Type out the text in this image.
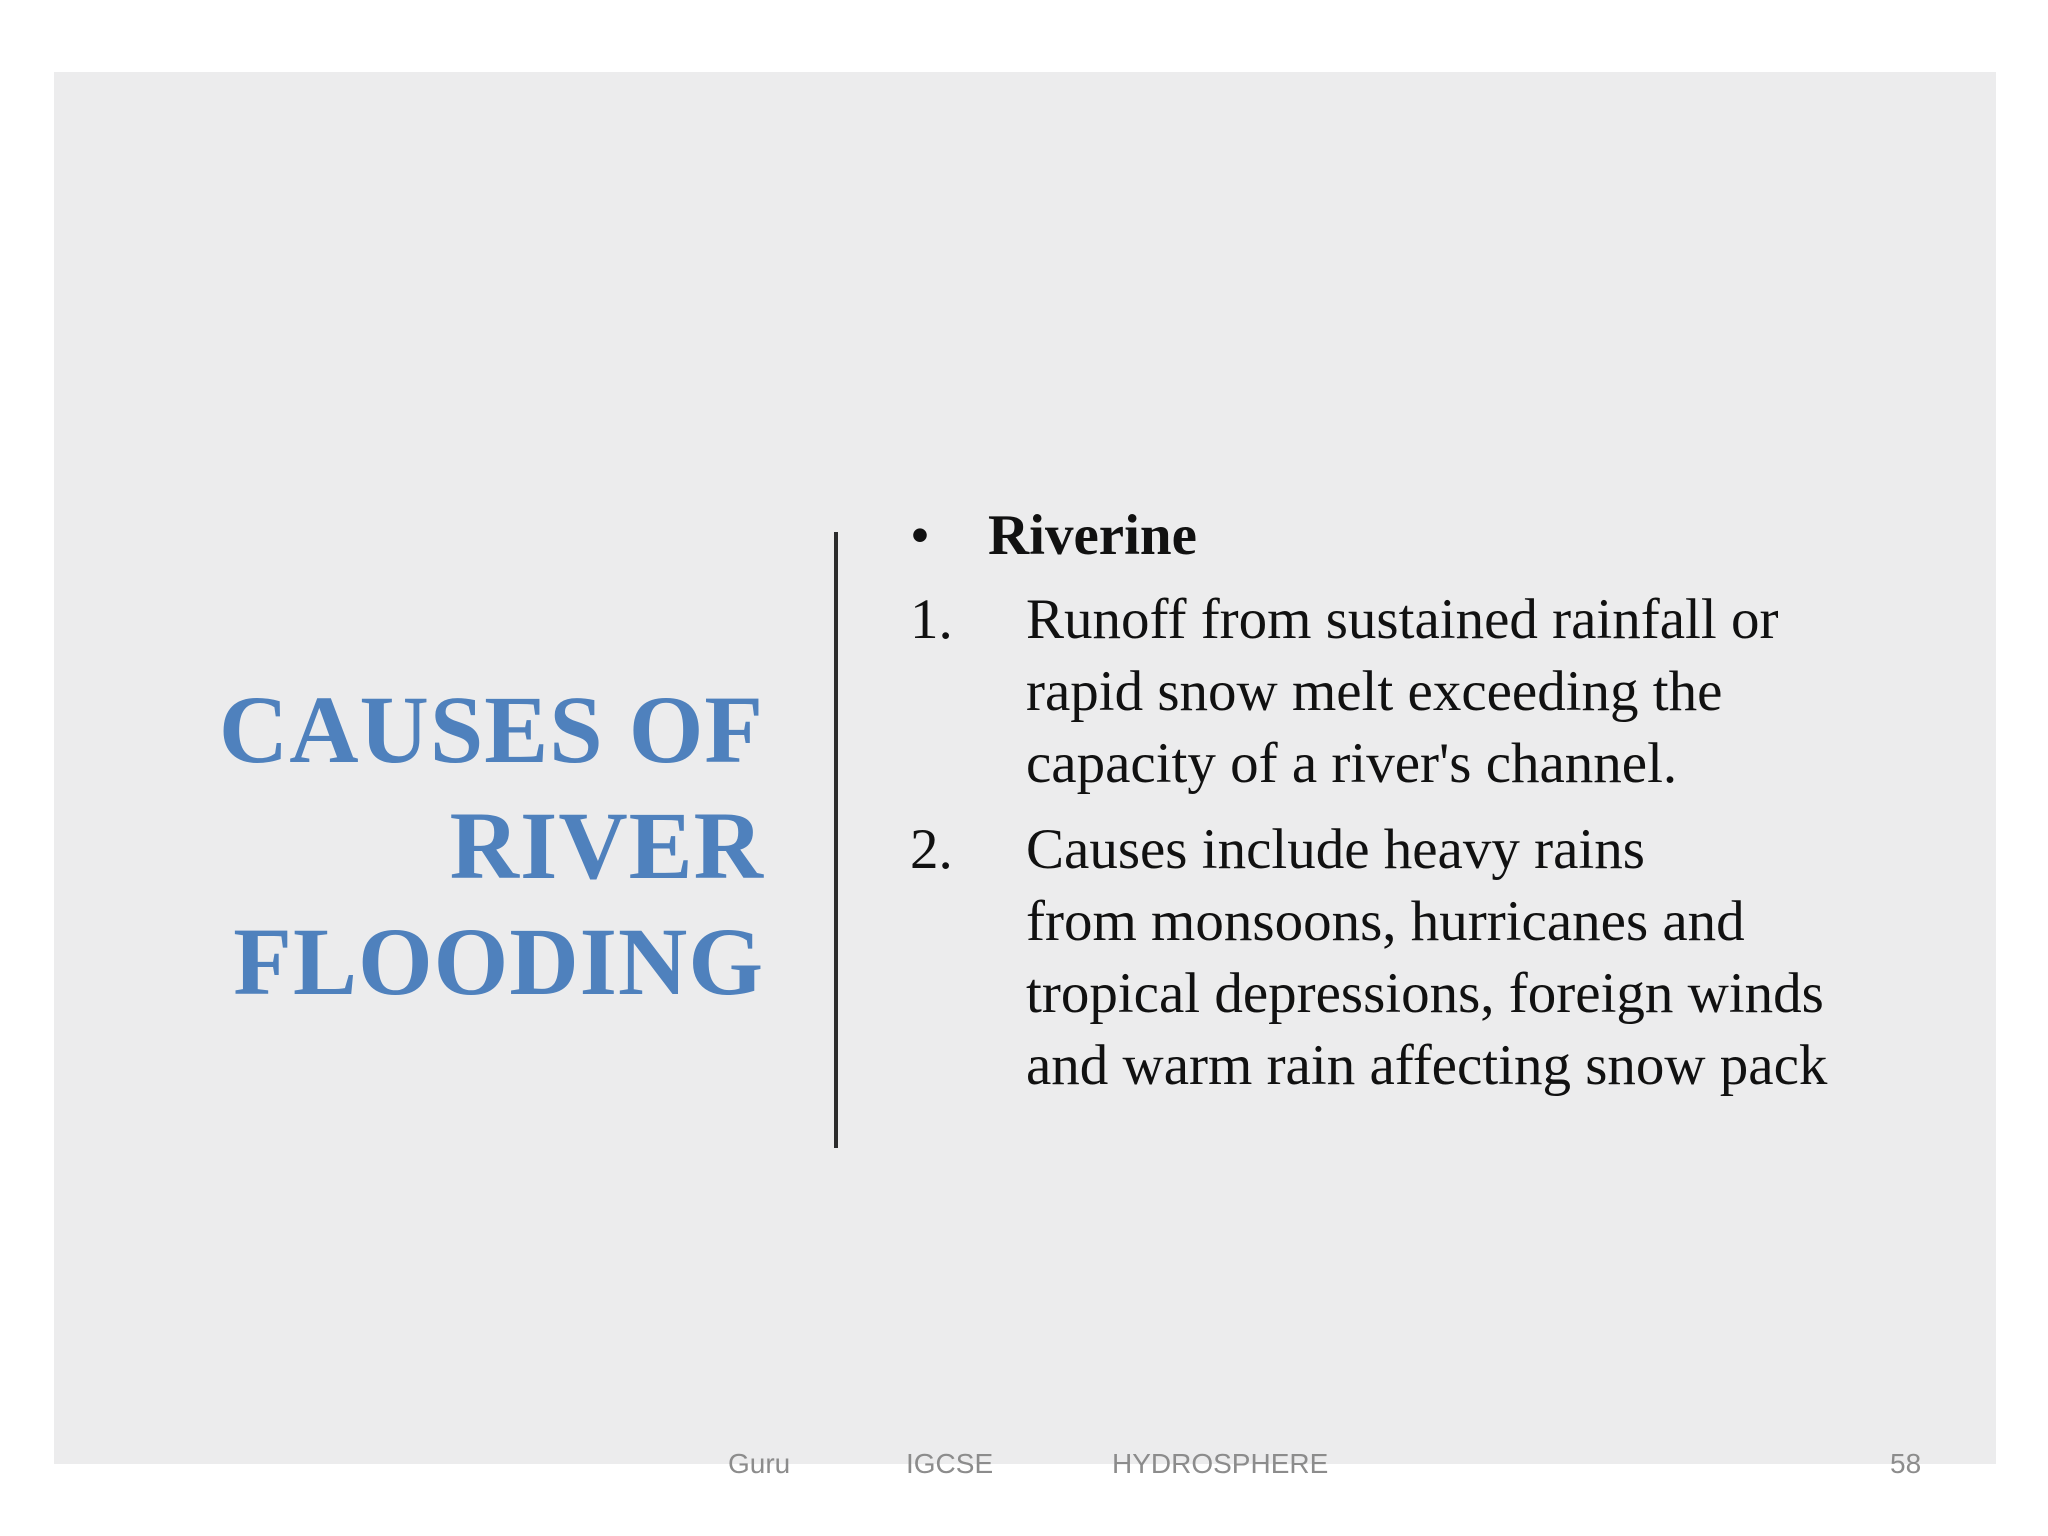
CAUSES OF
RIVER
FLOODING
•	Riverine
1.	Runoff from sustained rainfall or
rapid snow melt exceeding the
capacity of a river's channel.
2.	Causes include heavy rains
from monsoons, hurricanes and
tropical depressions, foreign winds
and warm rain affecting snow pack
Guru	IGCSE	HYDROSPHERE	58
